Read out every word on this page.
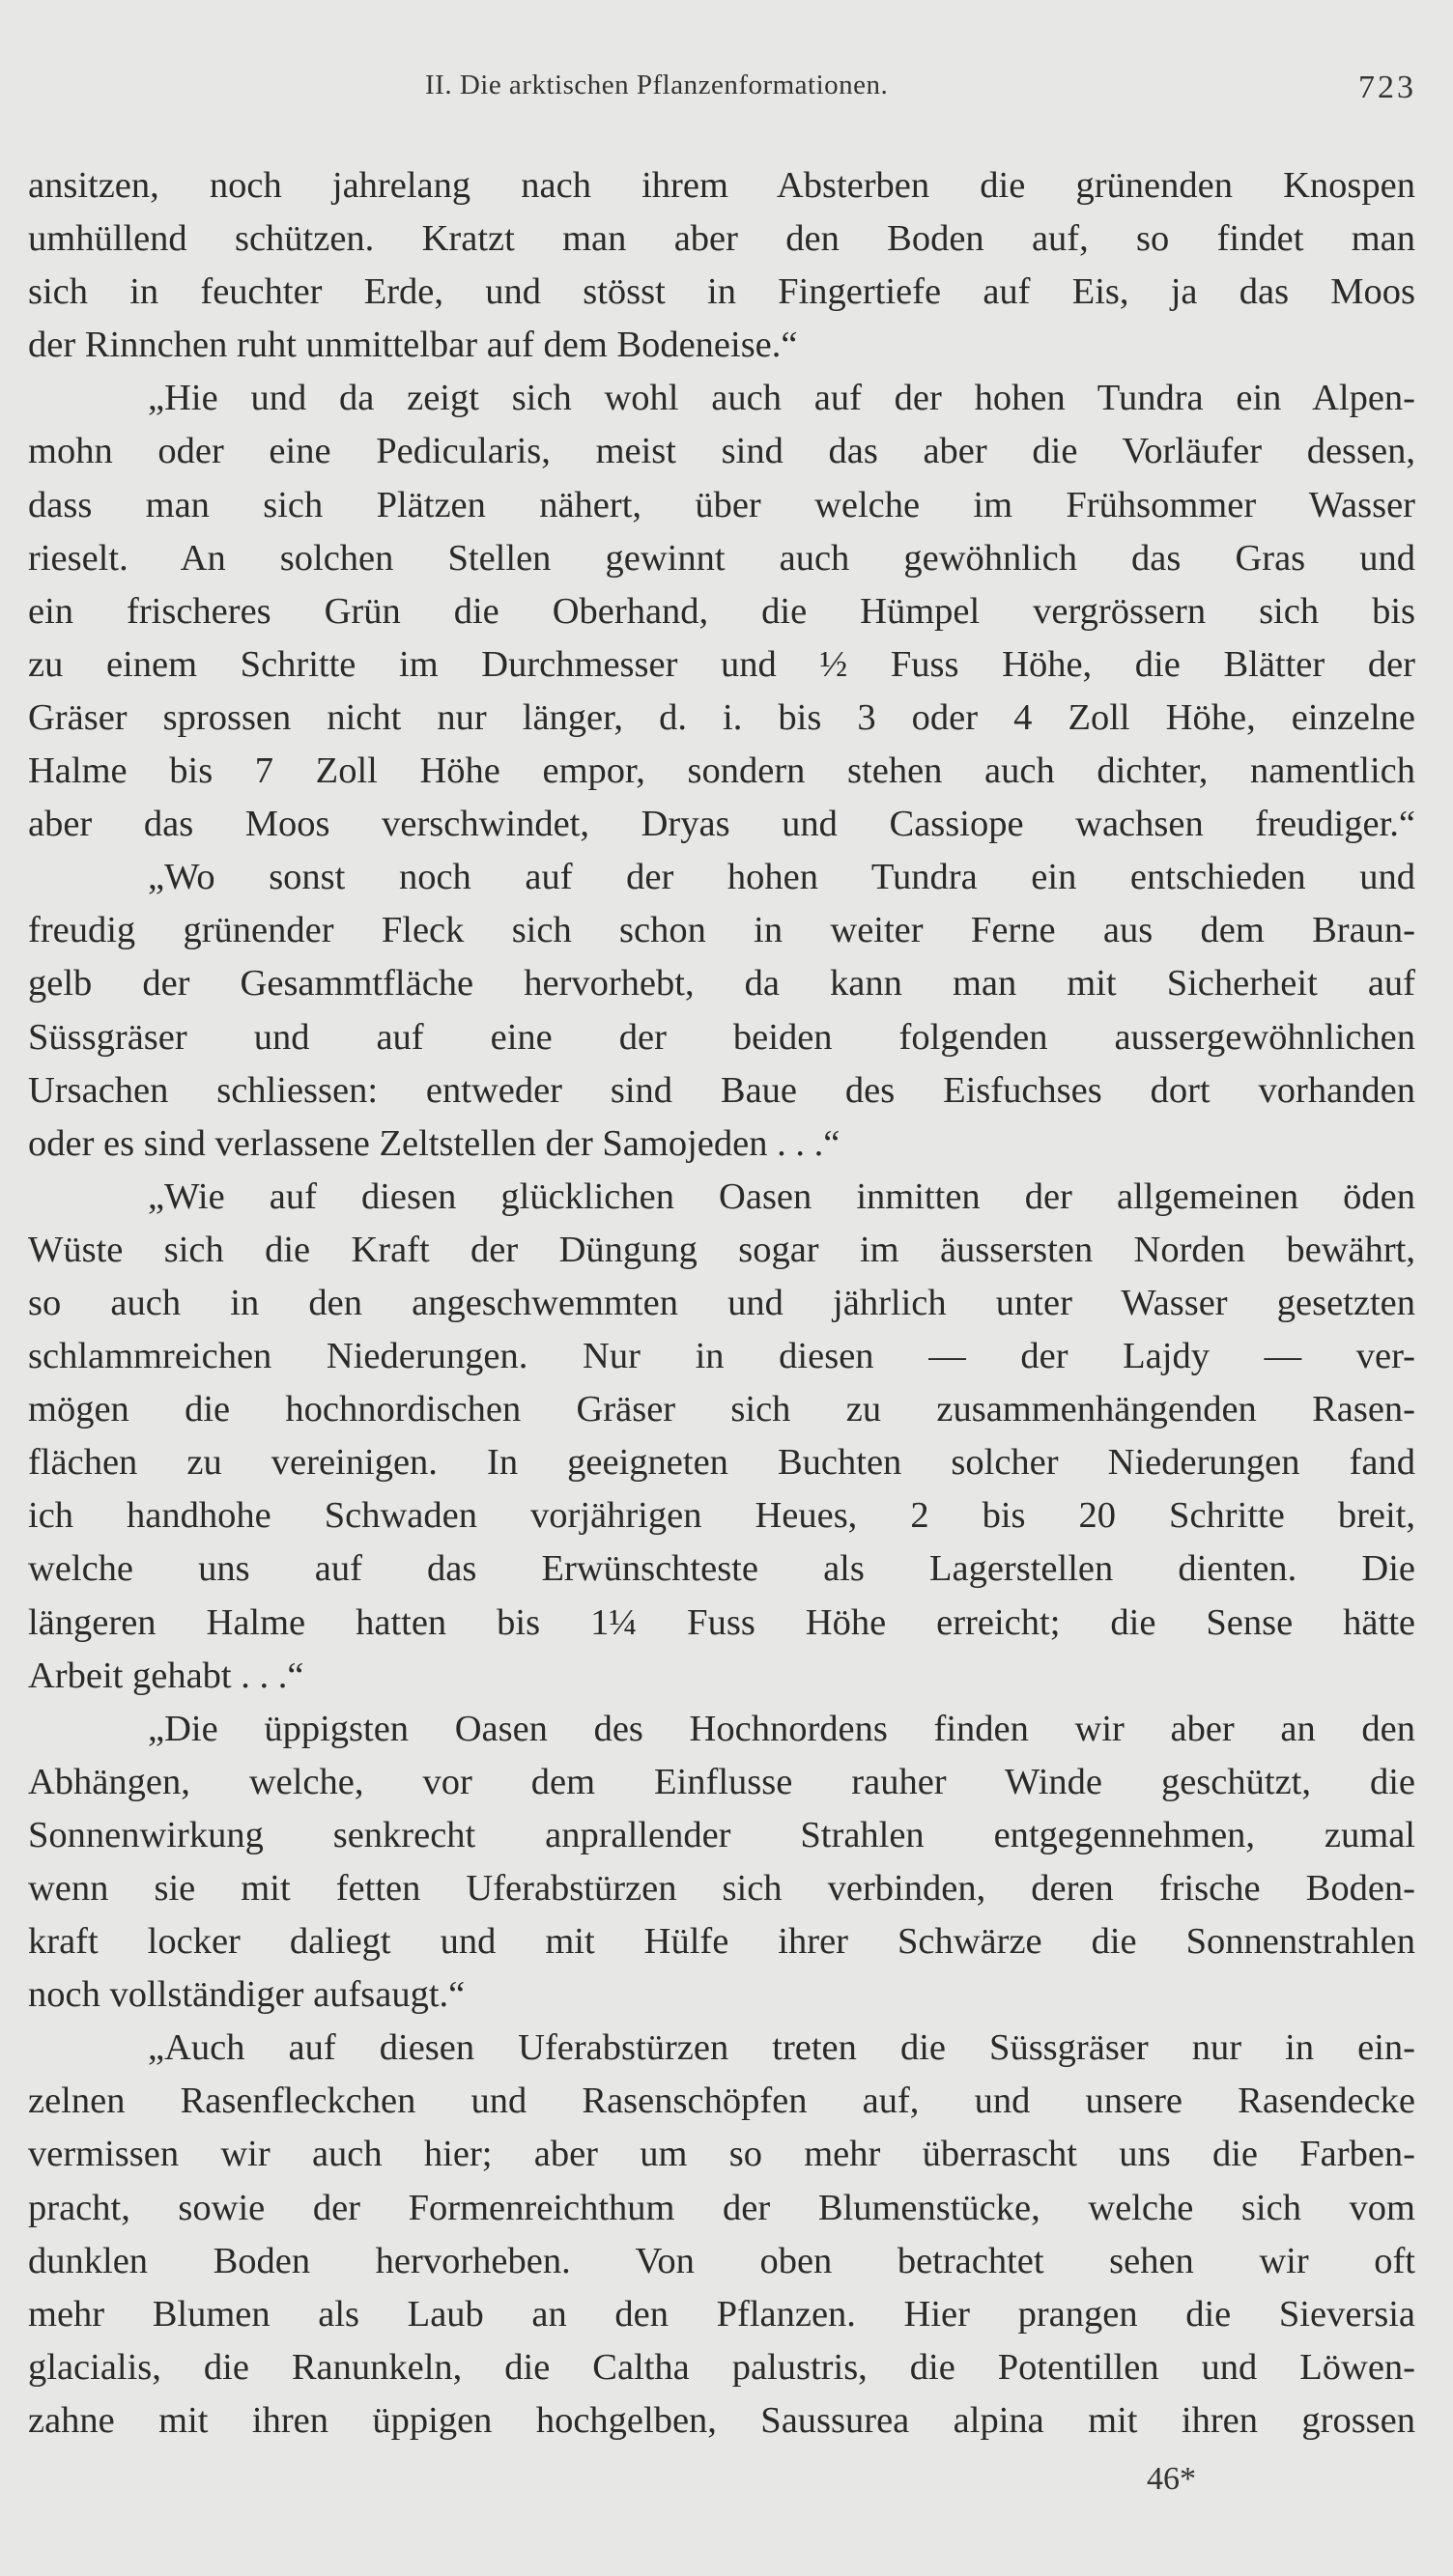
II. Die arktischen Pflanzenformationen.	723
ansitzen, noch jahrelang nach ihrem Absterben die grünenden Knospen
umhüllend schützen. Kratzt man aber den Boden auf, so findet man
sich in feuchter Erde, und stösst in Fingertiefe auf Eis, ja das Moos
der Rinnchen ruht unmittelbar auf dem Bodeneise.“
„Hie und da zeigt sich wohl auch auf der hohen Tundra ein Alpen-
mohn oder eine Pedicularis, meist sind das aber die Vorläufer dessen,
dass man sich Plätzen nähert, über welche im Frühsommer Wasser
rieselt. An solchen Stellen gewinnt auch gewöhnlich das Gras und
ein frischeres Grün die Oberhand, die Hümpel vergrössern sich bis
zu einem Schritte im Durchmesser und ½ Fuss Höhe, die Blätter der
Gräser sprossen nicht nur länger, d. i. bis 3 oder 4 Zoll Höhe, einzelne
Halme bis 7 Zoll Höhe empor, sondern stehen auch dichter, namentlich
aber das Moos verschwindet, Dryas und Cassiope wachsen freudiger.“
„Wo sonst noch auf der hohen Tundra ein entschieden und
freudig grünender Fleck sich schon in weiter Ferne aus dem Braun-
gelb der Gesammtfläche hervorhebt, da kann man mit Sicherheit auf
Süssgräser und auf eine der beiden folgenden aussergewöhnlichen
Ursachen schliessen: entweder sind Baue des Eisfuchses dort vorhanden
oder es sind verlassene Zeltstellen der Samojeden . . .“
„Wie auf diesen glücklichen Oasen inmitten der allgemeinen öden
Wüste sich die Kraft der Düngung sogar im äussersten Norden bewährt,
so auch in den angeschwemmten und jährlich unter Wasser gesetzten
schlammreichen Niederungen. Nur in diesen — der Lajdy — ver-
mögen die hochnordischen Gräser sich zu zusammenhängenden Rasen-
flächen zu vereinigen. In geeigneten Buchten solcher Niederungen fand
ich handhohe Schwaden vorjährigen Heues, 2 bis 20 Schritte breit,
welche uns auf das Erwünschteste als Lagerstellen dienten. Die
längeren Halme hatten bis 1¼ Fuss Höhe erreicht; die Sense hätte
Arbeit gehabt . . .“
„Die üppigsten Oasen des Hochnordens finden wir aber an den
Abhängen, welche, vor dem Einflusse rauher Winde geschützt, die
Sonnenwirkung senkrecht anprallender Strahlen entgegennehmen, zumal
wenn sie mit fetten Uferabstürzen sich verbinden, deren frische Boden-
kraft locker daliegt und mit Hülfe ihrer Schwärze die Sonnenstrahlen
noch vollständiger aufsaugt.“
„Auch auf diesen Uferabstürzen treten die Süssgräser nur in ein-
zelnen Rasenfleckchen und Rasenschöpfen auf, und unsere Rasendecke
vermissen wir auch hier; aber um so mehr überrascht uns die Farben-
pracht, sowie der Formenreichthum der Blumenstücke, welche sich vom
dunklen Boden hervorheben. Von oben betrachtet sehen wir oft
mehr Blumen als Laub an den Pflanzen. Hier prangen die Sieversia
glacialis, die Ranunkeln, die Caltha palustris, die Potentillen und Löwen-
zahne mit ihren üppigen hochgelben, Saussurea alpina mit ihren grossen
46*
